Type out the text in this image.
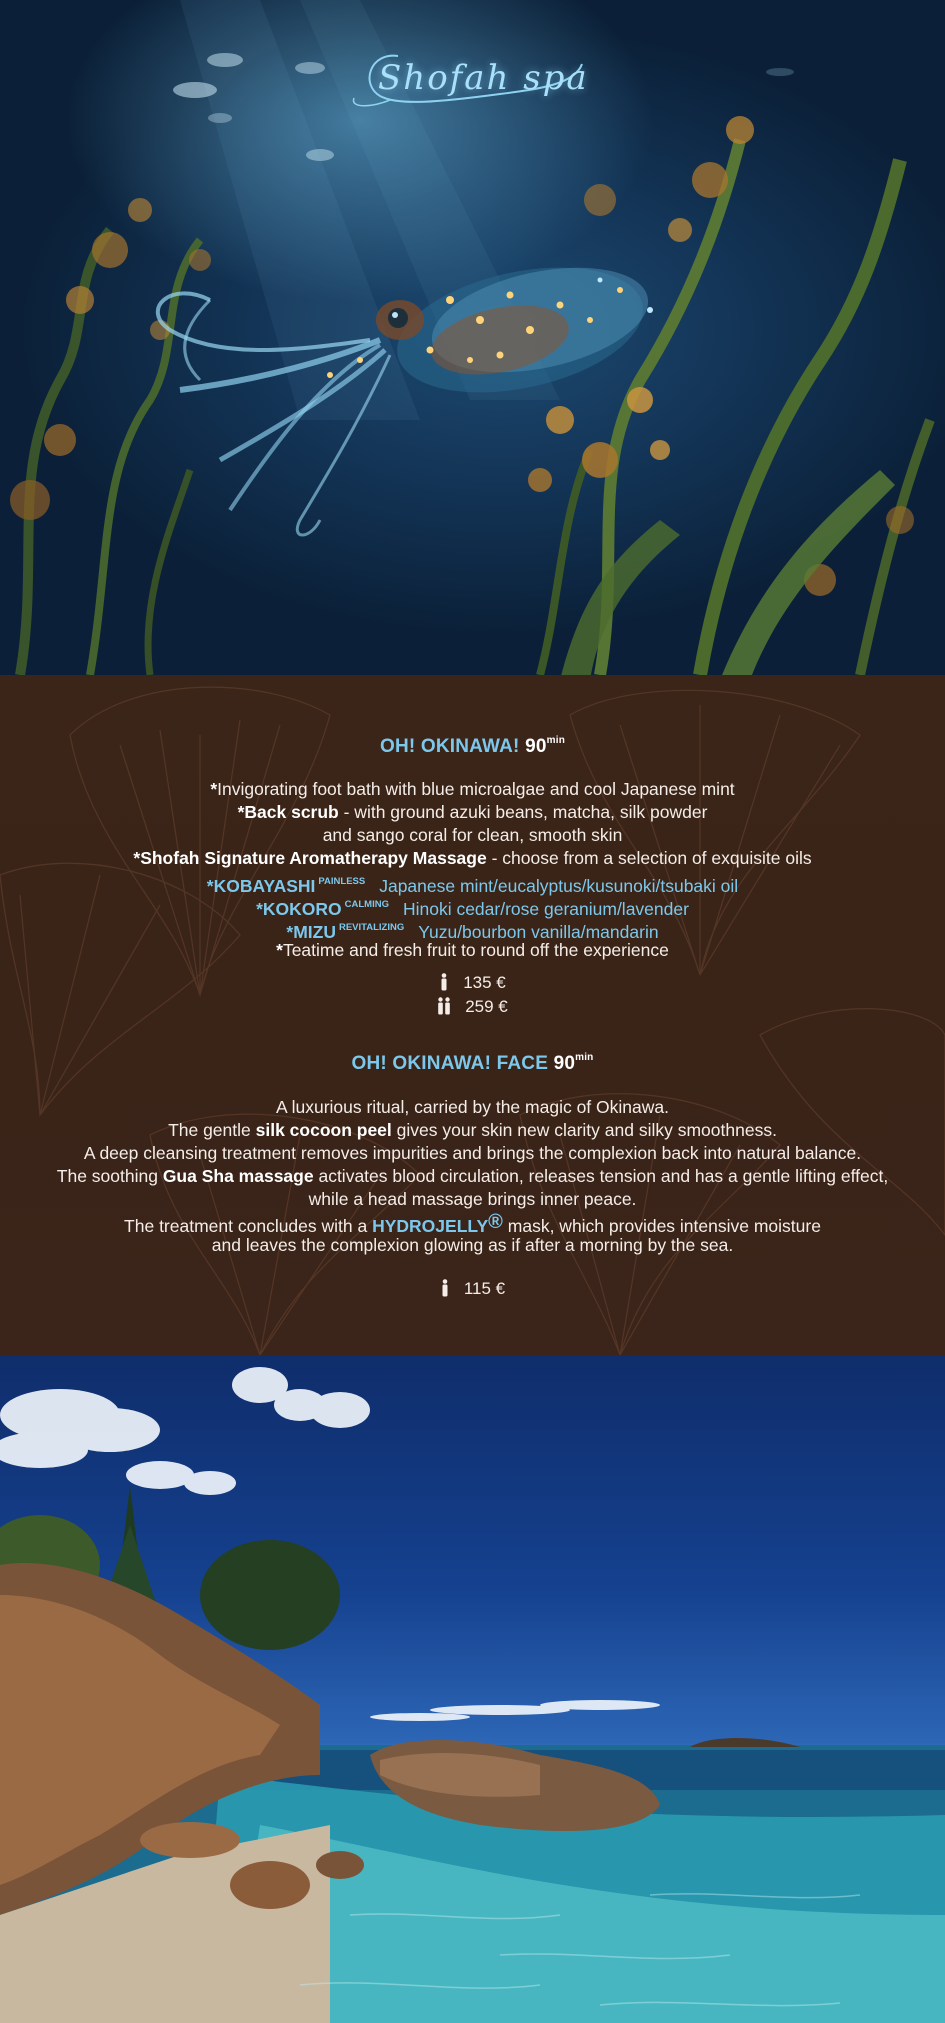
Shofah spa
OH! OKINAWA! $90^{min}$
*Invigorating foot bath with blue microalgae and cool Japanese mint
*Back scrub - with ground azuki beans, matcha, silk powder
and sango coral for clean, smooth skin
*Shofah Signature Aromatherapy Massage - choose from a selection of exquisite oils
*KOBAYASHI $^{PAINLESS}$ Japanese mint/eucalyptus/kusunoki/tsubaki oil
*KOKORO $^{CALMING}$ Hinoki cedar/rose geranium/lavender
*MIZU $^{REVITALIZING}$ Yuzu/bourbon vanilla/mandarin
*Teatime and fresh fruit to round off the experience
135 €
259 €
OH! OKINAWA! FACE $90^{min}$
A luxurious ritual, carried by the magic of Okinawa.
The gentle silk cocoon peel gives your skin new clarity and silky smoothness.
A deep cleansing treatment removes impurities and brings the complexion back into natural balance.
The soothing Gua Sha massage activates blood circulation, releases tension and has a gentle lifting effect,
while a head massage brings inner peace.
The treatment concludes with a HYDROJELLY® mask, which provides intensive moisture
and leaves the complexion glowing as if after a morning by the sea.
115 €
